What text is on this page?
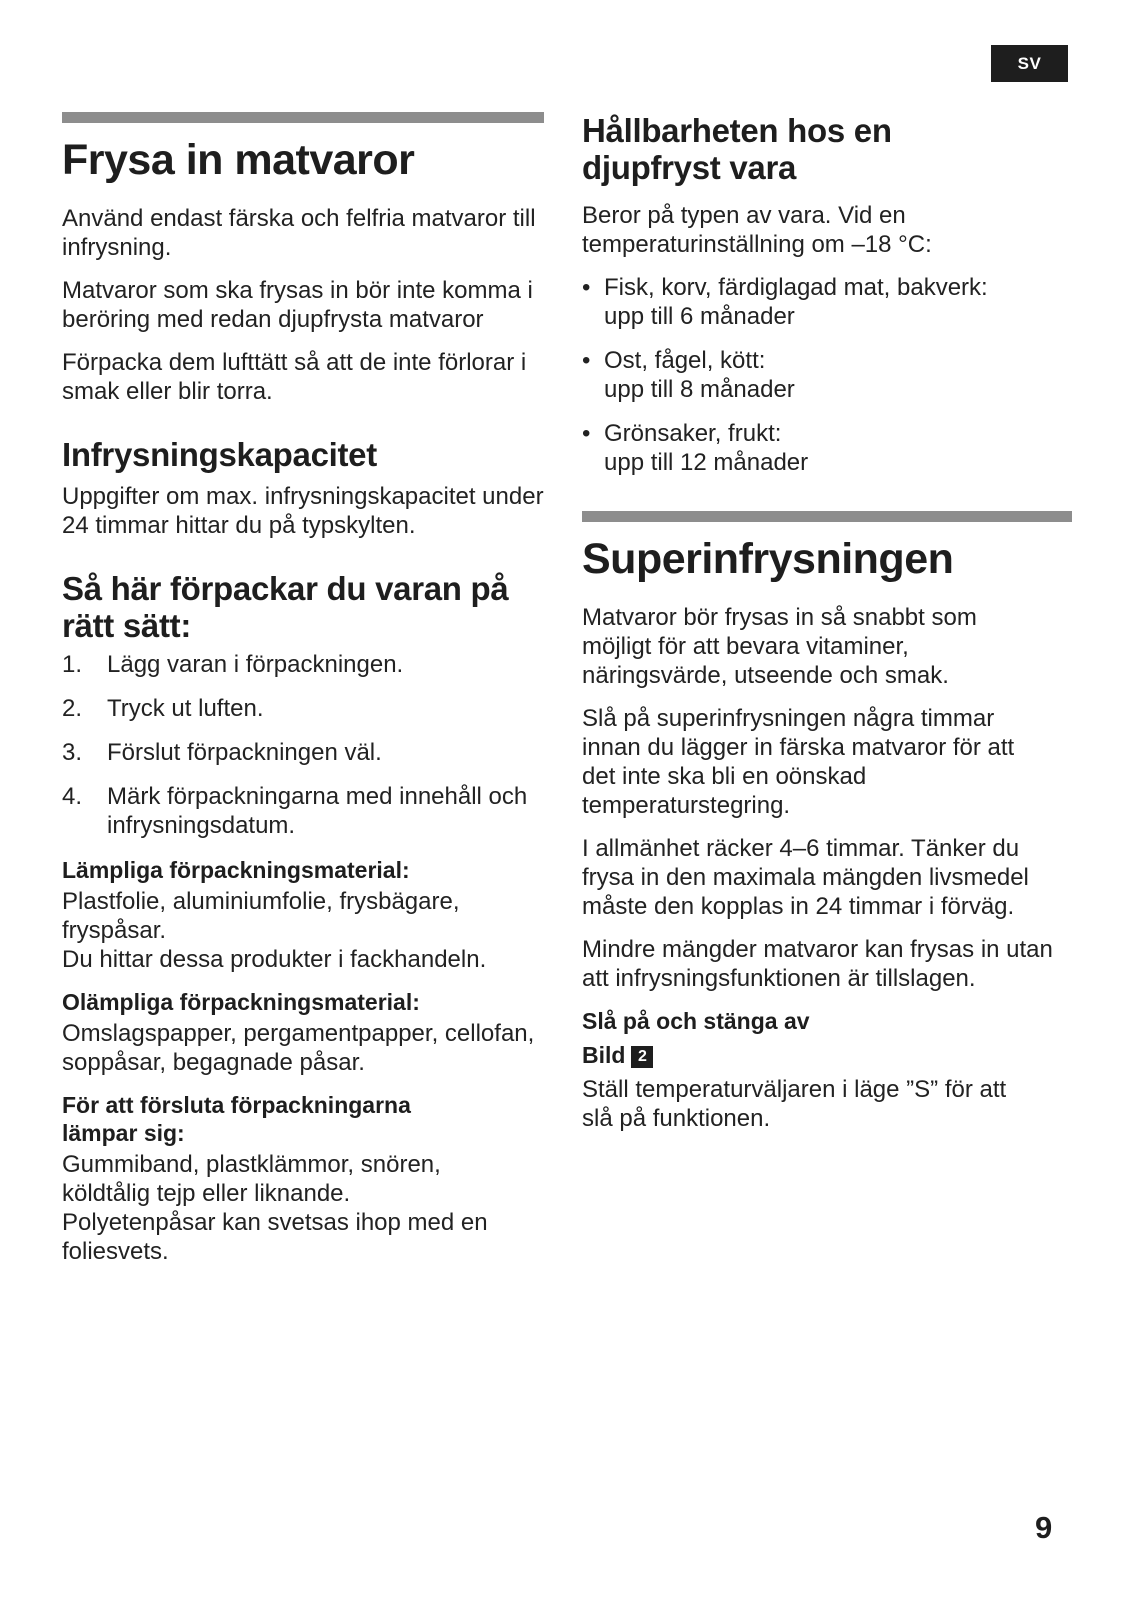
SV
Frysa in matvaror

Använd endast färska och felfria matvaror till infrysning.

Matvaror som ska frysas in bör inte komma i beröring med redan djupfrysta matvaror

Förpacka dem lufttätt så att de inte förlorar i smak eller blir torra.

Infrysningskapacitet

Uppgifter om max. infrysningskapacitet under 24 timmar hittar du på typskylten.

Så här förpackar du varan på rätt sätt:
1.	Lägg varan i förpackningen.
2.	Tryck ut luften.
3.	Förslut förpackningen väl.
4.	Märk förpackningarna med innehåll och infrysningsdatum.
Lämpliga förpackningsmaterial:

Plastfolie, aluminiumfolie, frysbägare, fryspåsar.

Du hittar dessa produkter i fackhandeln.

Olämpliga förpackningsmaterial:

Omslagspapper, pergamentpapper, cellofan, soppåsar, begagnade påsar.

För att försluta förpackningarna lämpar sig:

Gummiband, plastklämmor, snören, köldtålig tejp eller liknande.

Polyetenpåsar kan svetsas ihop med en foliesvets.

Hållbarheten hos en djupfryst vara

Beror på typen av vara. Vid en temperaturinställning om –18 °C:

• Fisk, korv, färdiglagad mat, bakverk:
upp till 6 månader
• Ost, fågel, kött:
upp till 8 månader
• Grönsaker, frukt:
upp till 12 månader
Superinfrysningen

Matvaror bör frysas in så snabbt som möjligt för att bevara vitaminer, näringsvärde, utseende och smak.

Slå på superinfrysningen några timmar innan du lägger in färska matvaror för att det inte ska bli en oönskad temperaturstegring.

I allmänhet räcker 4–6 timmar. Tänker du frysa in den maximala mängden livsmedel måste den kopplas in 24 timmar i förväg.

Mindre mängder matvaror kan frysas in utan att infrysningsfunktionen är tillslagen.

Slå på och stänga av
Bild 2

Ställ temperaturväljaren i läge ”S” för att slå på funktionen.

9
